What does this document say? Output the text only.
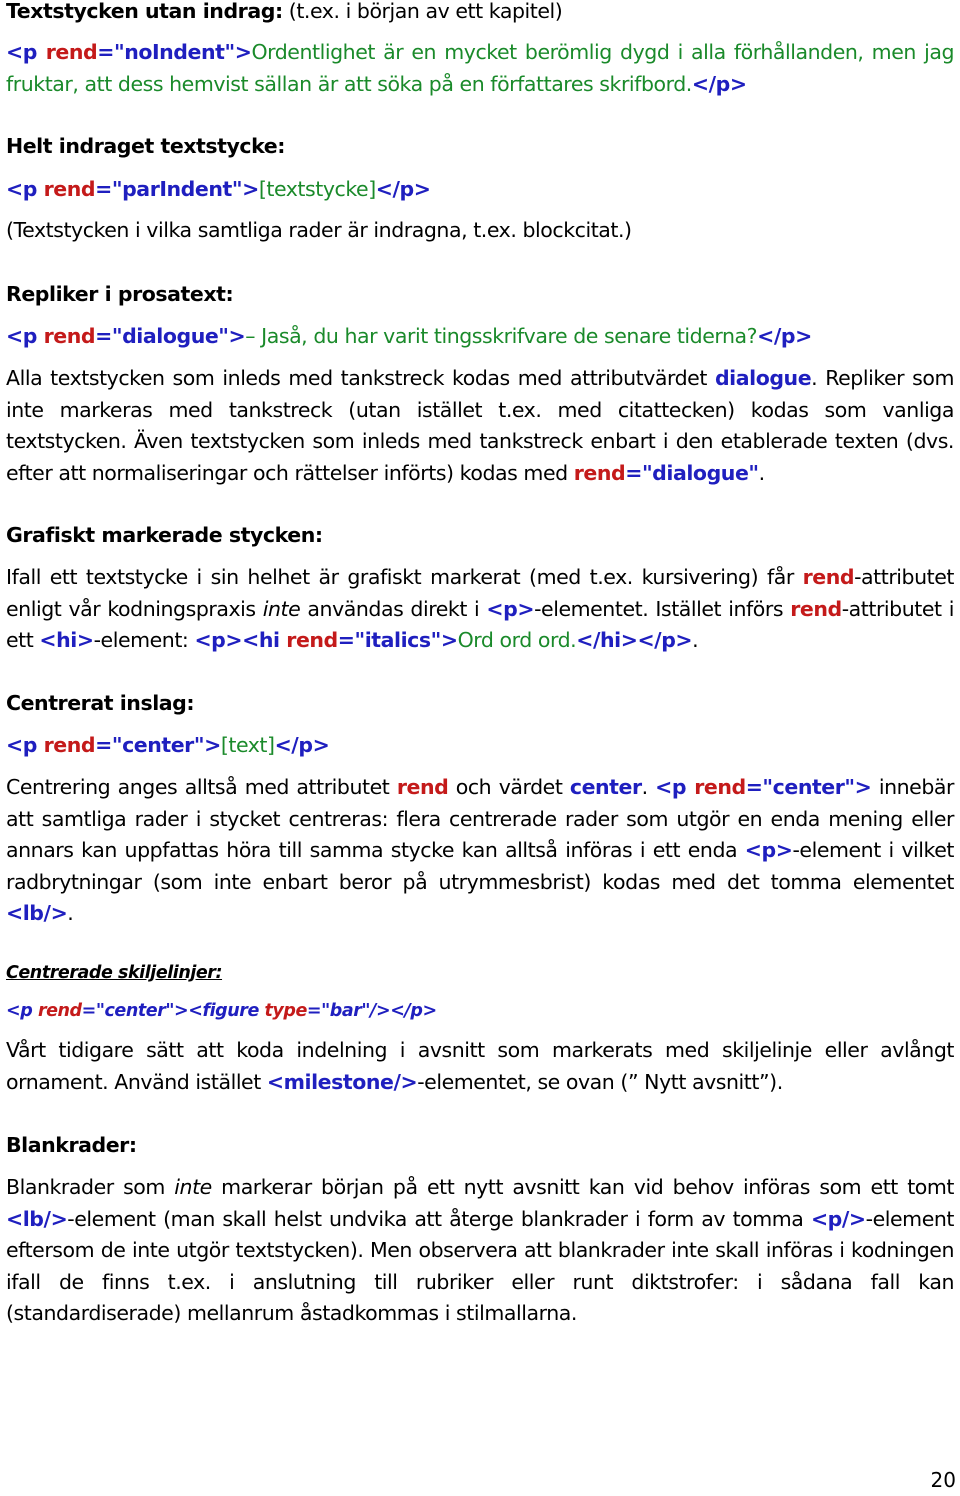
Textstycken utan indrag: (t.ex. i början av ett kapitel)

<p rend="noIndent">Ordentlighet är en mycket berömlig dygd i alla förhållanden, men jag fruktar, att dess hemvist sällan är att söka på en författares skrifbord.</p>

Helt indraget textstycke:

<p rend="parIndent">[textstycke]</p>

(Textstycken i vilka samtliga rader är indragna, t.ex. blockcitat.)

Repliker i prosatext:

<p rend="dialogue">– Jaså, du har varit tingsskrifvare de senare tiderna?</p>

Alla textstycken som inleds med tankstreck kodas med attributvärdet dialogue. Repliker som inte markeras med tankstreck (utan istället t.ex. med citattecken) kodas som vanliga textstycken. Även textstycken som inleds med tankstreck enbart i den etablerade texten (dvs. efter att normaliseringar och rättelser införts) kodas med rend="dialogue".

Grafiskt markerade stycken:

Ifall ett textstycke i sin helhet är grafiskt markerat (med t.ex. kursivering) får rend-attributet enligt vår kodningspraxis inte användas direkt i <p>-elementet. Istället införs rend-attributet i ett <hi>-element: <p><hi rend="italics">Ord ord ord.</hi></p>.

Centrerat inslag:

<p rend="center">[text]</p>

Centrering anges alltså med attributet rend och värdet center. <p rend="center"> innebär att samtliga rader i stycket centreras: flera centrerade rader som utgör en enda mening eller annars kan uppfattas höra till samma stycke kan alltså införas i ett enda <p>-element i vilket radbrytningar (som inte enbart beror på utrymmesbrist) kodas med det tomma elementet <lb/>.

Centrerade skiljelinjer:

<p rend="center"><figure type="bar"/></p>

Vårt tidigare sätt att koda indelning i avsnitt som markerats med skiljelinje eller avlångt ornament. Använd istället <milestone/>-elementet, se ovan (” Nytt avsnitt”).

Blankrader:

Blankrader som inte markerar början på ett nytt avsnitt kan vid behov införas som ett tomt <lb/>-element (man skall helst undvika att återge blankrader i form av tomma <p/>-element eftersom de inte utgör textstycken). Men observera att blankrader inte skall införas i kodningen ifall de finns t.ex. i anslutning till rubriker eller runt diktstrofer: i sådana fall kan (standardiserade) mellanrum åstadkommas i stilmallarna.

20
